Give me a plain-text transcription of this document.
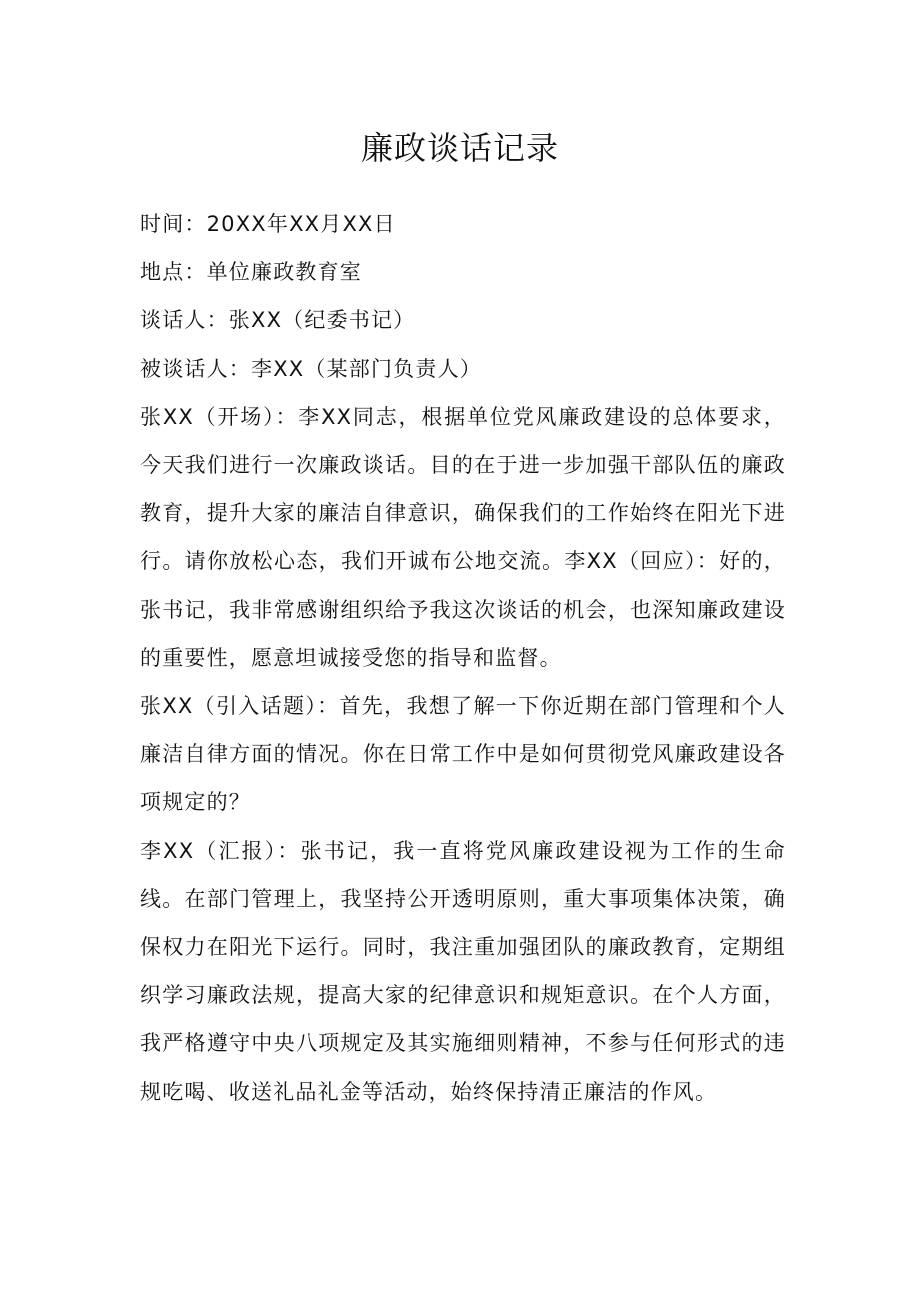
廉政谈话记录

时间：20XX年XX月XX日

地点：单位廉政教育室

谈话人：张XX（纪委书记）

被谈话人：李XX（某部门负责人）

张XX（开场）：李XX同志，根据单位党风廉政建设的总体要求，今天我们进行一次廉政谈话。目的在于进一步加强干部队伍的廉政教育，提升大家的廉洁自律意识，确保我们的工作始终在阳光下进行。请你放松心态，我们开诚布公地交流。李XX（回应）：好的，张书记，我非常感谢组织给予我这次谈话的机会，也深知廉政建设的重要性，愿意坦诚接受您的指导和监督。

张XX（引入话题）：首先，我想了解一下你近期在部门管理和个人廉洁自律方面的情况。你在日常工作中是如何贯彻党风廉政建设各项规定的？

李XX（汇报）：张书记，我一直将党风廉政建设视为工作的生命线。在部门管理上，我坚持公开透明原则，重大事项集体决策，确保权力在阳光下运行。同时，我注重加强团队的廉政教育，定期组织学习廉政法规，提高大家的纪律意识和规矩意识。在个人方面，我严格遵守中央八项规定及其实施细则精神，不参与任何形式的违规吃喝、收送礼品礼金等活动，始终保持清正廉洁的作风。
